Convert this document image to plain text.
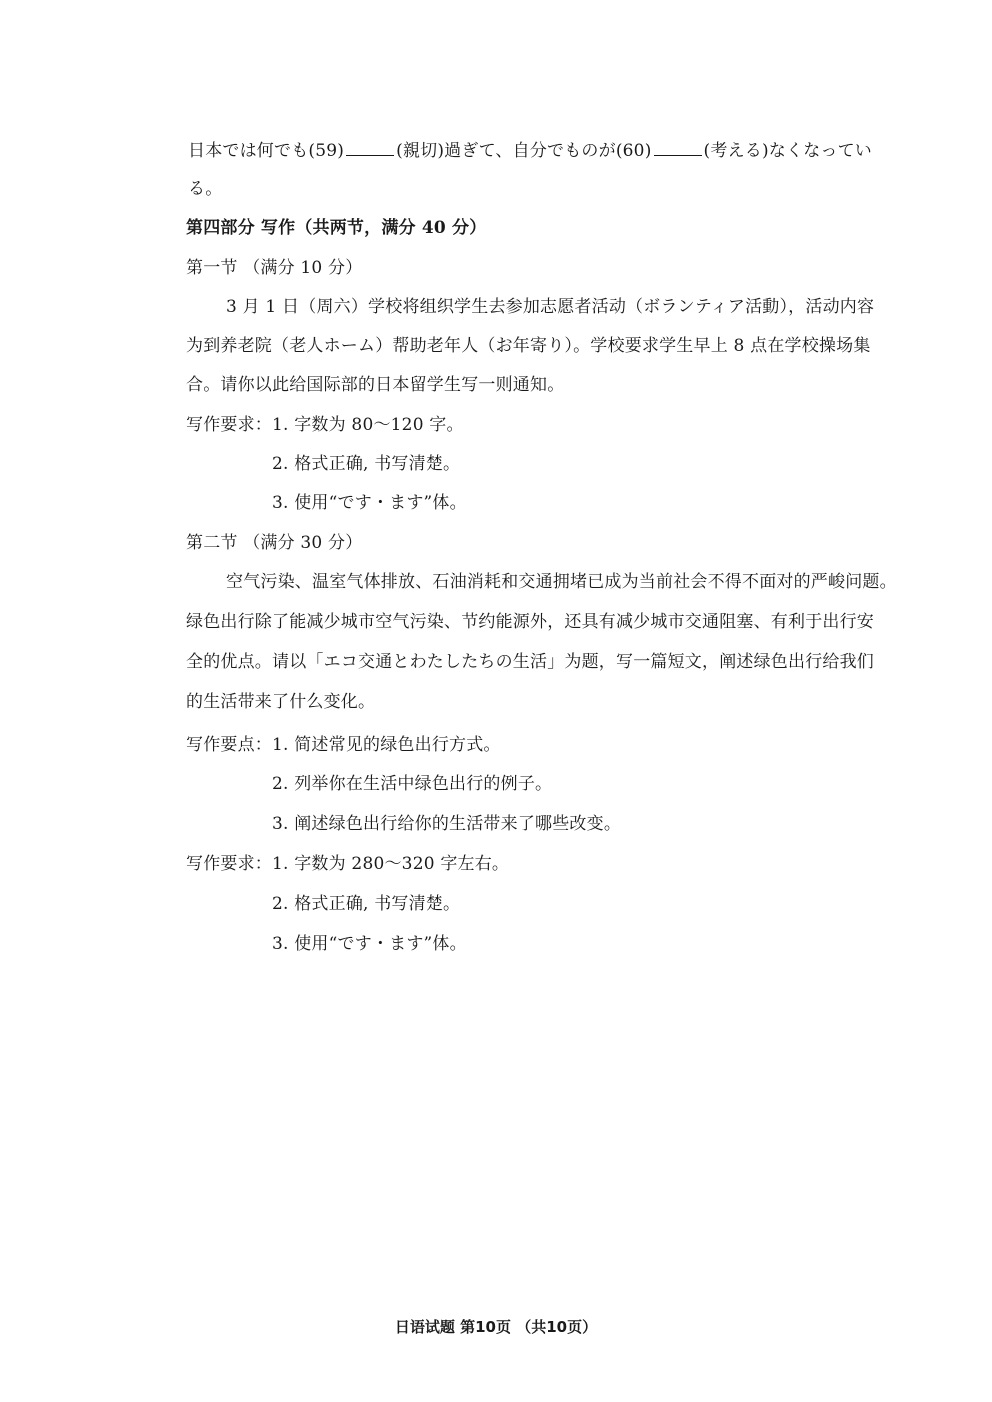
日本では何でも(59)	(親切)過ぎて、自分でものが(60)	(考える)なくなってい
る。
第四部分 写作（共两节，满分 40 分）
第一节 （满分 10 分）
3 月 1 日（周六）学校将组织学生去参加志愿者活动（ボランティア活動），活动内容
为到养老院（老人ホーム）帮助老年人（お年寄り）。学校要求学生早上 8 点在学校操场集
合。请你以此给国际部的日本留学生写一则通知。
写作要求： 1. 字数为 80～120 字。
2. 格式正确, 书写清楚。
3. 使用“です・ます”体。
第二节 （满分 30 分）
空气污染、温室气体排放、石油消耗和交通拥堵已成为当前社会不得不面对的严峻问题。
绿色出行除了能减少城市空气污染、节约能源外，还具有减少城市交通阻塞、有利于出行安
全的优点。请以「エコ交通とわたしたちの生活」为题，写一篇短文，阐述绿色出行给我们
的生活带来了什么变化。
写作要点： 1. 简述常见的绿色出行方式。
2. 列举你在生活中绿色出行的例子。
3. 阐述绿色出行给你的生活带来了哪些改变。
写作要求： 1. 字数为 280～320 字左右。
2. 格式正确, 书写清楚。
3. 使用“です・ます”体。
日语试题 第10页 （共10页）
